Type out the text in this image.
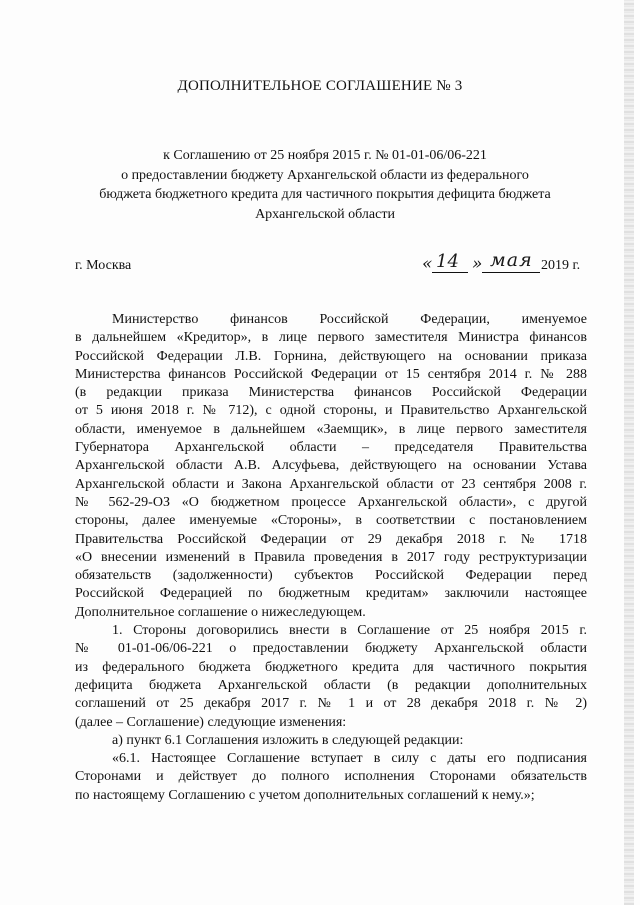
ДОПОЛНИТЕЛЬНОЕ СОГЛАШЕНИЕ № 3
к Соглашению от 25 ноября 2015 г. № 01-01-06/06-221
о предоставлении бюджету Архангельской области из федерального
бюджета бюджетного кредита для частичного покрытия дефицита бюджета
Архангельской области
г. Москва	« 14 » мая 2019 г.
Министерство финансов Российской Федерации, именуемое
в дальнейшем «Кредитор», в лице первого заместителя Министра финансов
Российской Федерации Л.В. Горнина, действующего на основании приказа
Министерства финансов Российской Федерации от 15 сентября 2014 г. № 288
(в редакции приказа Министерства финансов Российской Федерации
от 5 июня 2018 г. № 712), с одной стороны, и Правительство Архангельской
области, именуемое в дальнейшем «Заемщик», в лице первого заместителя
Губернатора Архангельской области – председателя Правительства
Архангельской области А.В. Алсуфьева, действующего на основании Устава
Архангельской области и Закона Архангельской области от 23 сентября 2008 г.
№ 562-29-ОЗ «О бюджетном процессе Архангельской области», с другой
стороны, далее именуемые «Стороны», в соответствии с постановлением
Правительства Российской Федерации от 29 декабря 2018 г. № 1718
«О внесении изменений в Правила проведения в 2017 году реструктуризации
обязательств (задолженности) субъектов Российской Федерации перед
Российской Федерацией по бюджетным кредитам» заключили настоящее
Дополнительное соглашение о нижеследующем.
1. Стороны договорились внести в Соглашение от 25 ноября 2015 г.
№ 01-01-06/06-221 о предоставлении бюджету Архангельской области
из федерального бюджета бюджетного кредита для частичного покрытия
дефицита бюджета Архангельской области (в редакции дополнительных
соглашений от 25 декабря 2017 г. № 1 и от 28 декабря 2018 г. № 2)
(далее – Соглашение) следующие изменения:
а) пункт 6.1 Соглашения изложить в следующей редакции:
«6.1. Настоящее Соглашение вступает в силу с даты его подписания
Сторонами и действует до полного исполнения Сторонами обязательств
по настоящему Соглашению с учетом дополнительных соглашений к нему.»;
